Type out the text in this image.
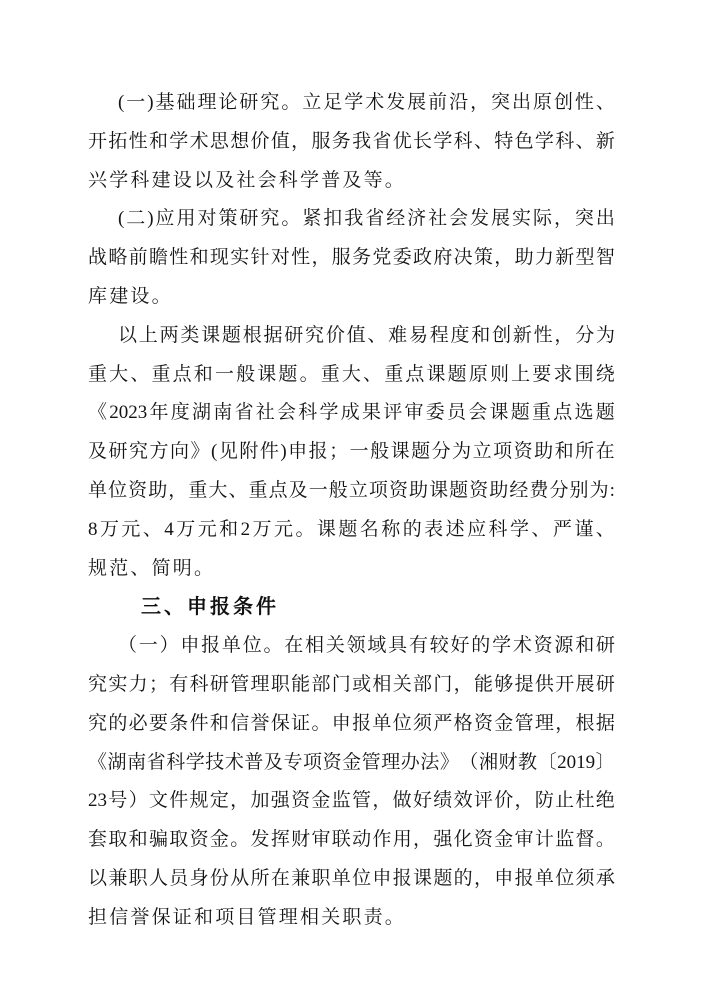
( 一 ) 基 础 理 论 研 究 。 立 足 学 术 发 展 前 沿 ， 突 出 原 创 性 、
开 拓 性 和 学 术 思 想 价 值 ， 服 务 我 省 优 长 学 科 、 特 色 学 科 、 新
兴学科建设以及社会科学普及等。
( 二 ) 应 用 对 策 研 究 。 紧 扣 我 省 经 济 社 会 发 展 实 际 ， 突 出
战 略 前 瞻 性 和 现 实 针 对 性 ， 服 务 党 委 政 府 决 策 ， 助 力 新 型 智
库建设。
以 上 两 类 课 题 根 据 研 究 价 值 、 难 易 程 度 和 创 新 性 ， 分 为
重 大 、 重 点 和 一 般 课 题 。 重 大 、 重 点 课 题 原 则 上 要 求 围 绕
《 2023 年 度 湖 南 省 社 会 科 学 成 果 评 审 委 员 会 课 题 重 点 选 题
及 研 究 方 向 》 ( 见 附 件 ) 申 报 ； 一 般 课 题 分 为 立 项 资 助 和 所 在
单 位 资 助 ， 重 大 、 重 点 及 一 般 立 项 资 助 课 题 资 助 经 费 分 别 为 :
8 万 元 、 4 万 元 和 2 万 元 。 课 题 名 称 的 表 述 应 科 学 、 严 谨 、
规范、简明。
三、申报条件
（ 一 ） 申 报 单 位 。 在 相 关 领 域 具 有 较 好 的 学 术 资 源 和 研
究 实 力 ； 有 科 研 管 理 职 能 部 门 或 相 关 部 门 ， 能 够 提 供 开 展 研
究 的 必 要 条 件 和 信 誉 保 证 。 申 报 单 位 须 严 格 资 金 管 理 ， 根 据
《 湖 南 省 科 学 技 术 普 及 专 项 资 金 管 理 办 法 》 （ 湘 财 教 〔 2019 〕
23 号 ） 文 件 规 定 ， 加 强 资 金 监 管 ， 做 好 绩 效 评 价 ， 防 止 杜 绝
套 取 和 骗 取 资 金 。 发 挥 财 审 联 动 作 用 ， 强 化 资 金 审 计 监 督 。
以 兼 职 人 员 身 份 从 所 在 兼 职 单 位 申 报 课 题 的 ， 申 报 单 位 须 承
担信誉保证和项目管理相关职责。
